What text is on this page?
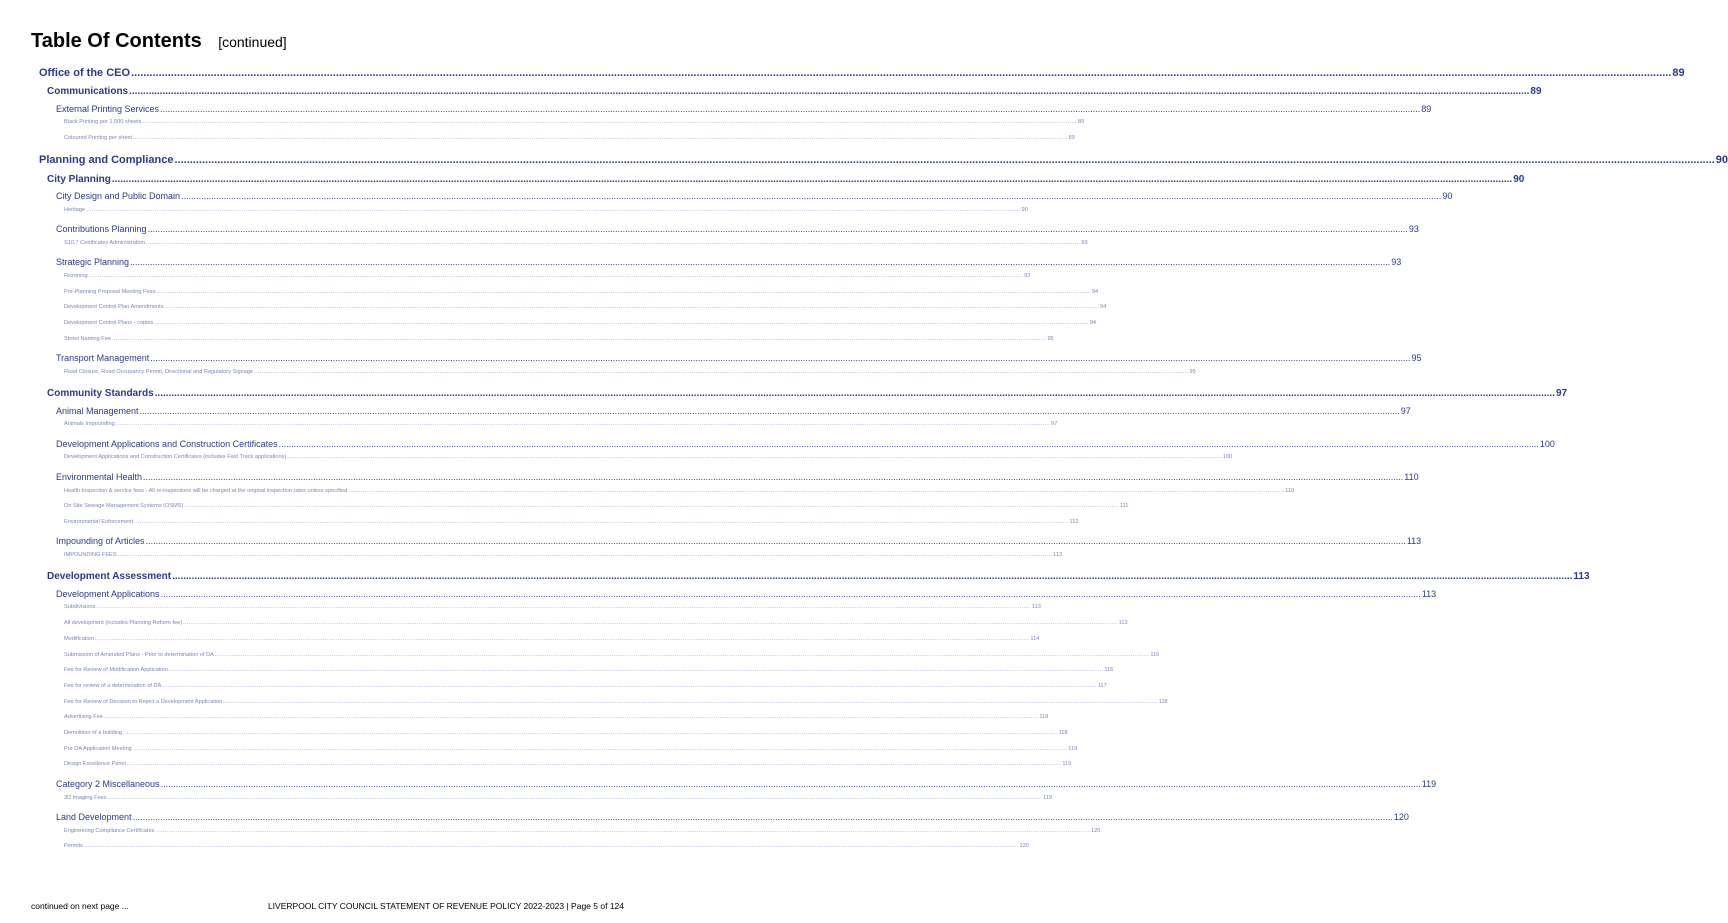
Table Of Contents [continued]
Office of the CEO .....	89
Communications .....	89
External Printing Services .....	89
Black Printing per 1,000 sheets .....	89
Coloured Printing per sheet .....	89
Planning and Compliance .....	90
City Planning .....	90
City Design and Public Domain .....	90
Heritage .....	90
Contributions Planning .....	93
S10.7 Certificates Administration .....	93
Strategic Planning .....	93
Rezoning .....	93
Pre-Planning Proposal Meeting Fees .....	94
Development Control Plan Amendments .....	94
Development Control Plans - copies .....	94
Street Naming Fee .....	95
Transport Management .....	95
Road Closure, Road Occupancy Permit, Directional and Regulatory Signage .....	95
Community Standards .....	97
Animal Management .....	97
Animals Impounding .....	97
Development Applications and Construction Certificates .....	100
Development Applications and Construction Certificates (includes Fast Track applications) .....	100
Environmental Health .....	110
Health Inspection & service fees - All re-inspections will be charged at the original inspection rates unless specified. .....	110
On Site Sewage Management Systems (OSMS) .....	111
Environmental Enforcement .....	112
Impounding of Articles .....	113
IMPOUNDING FEES .....	113
Development Assessment .....	113
Development Applications .....	113
Subdivisions .....	113
All development (includes Planning Reform fee) .....	113
Modification .....	114
Submission of Amended Plans - Prior to determination of DA .....	116
Fee for Review of Modification Application .....	116
Fee for review of a determination of DA .....	117
Fee for Review of Decision to Reject a Development Application .....	118
Advertising Fee .....	118
Demolition of a building .....	118
Pre DA Application Meeting .....	119
Design Excellence Panel .....	119
Category 2 Miscellaneous .....	119
3D Imaging Fees .....	119
Land Development .....	120
Engineering Compliance Certificates .....	120
Permits .....	120
continued on next page ...	LIVERPOOL CITY COUNCIL STATEMENT OF REVENUE POLICY 2022-2023 | Page 5 of 124
